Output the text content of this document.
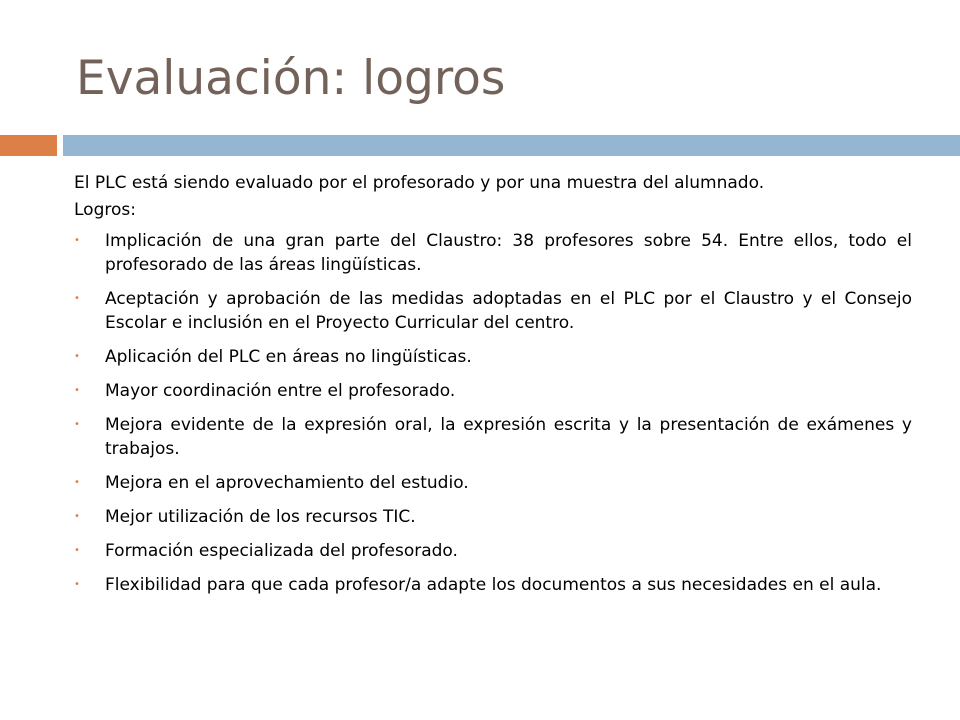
Evaluación: logros

El PLC está siendo evaluado por el profesorado y por una muestra del alumnado.

Logros:

• Implicación de una gran parte del Claustro: 38 profesores sobre 54. Entre ellos, todo el profesorado de las áreas lingüísticas.
• Aceptación y aprobación de las medidas adoptadas en el PLC por el Claustro y el Consejo Escolar e inclusión en el Proyecto Curricular del centro.
• Aplicación del PLC en áreas no lingüísticas.
• Mayor coordinación entre el profesorado.
• Mejora evidente de la expresión oral, la expresión escrita y la presentación de exámenes y trabajos.
• Mejora en el aprovechamiento del estudio.
• Mejor utilización de los recursos TIC.
• Formación especializada del profesorado.
• Flexibilidad para que cada profesor/a adapte los documentos a sus necesidades en el aula.
